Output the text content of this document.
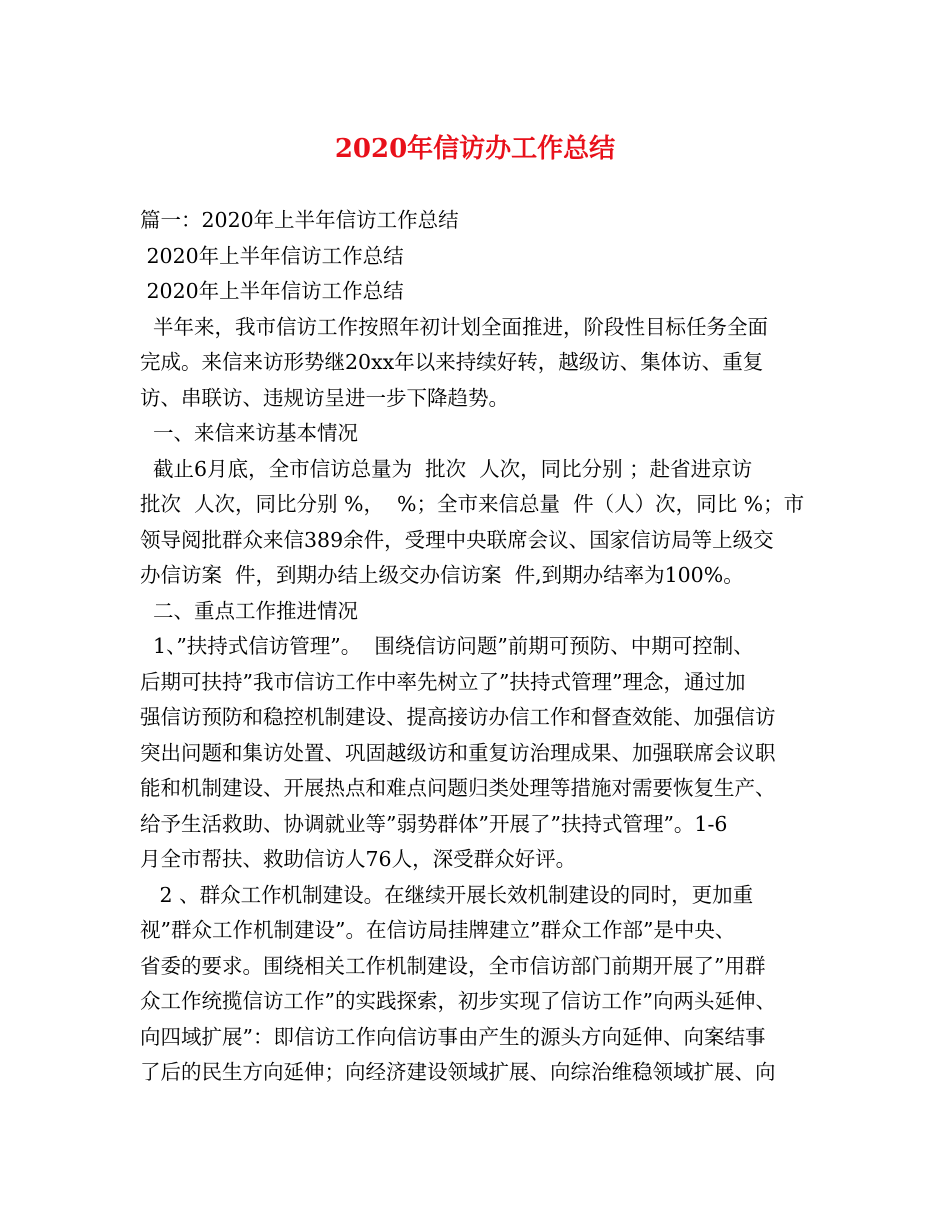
2020年信访办工作总结
篇一：2020年上半年信访工作总结
2020年上半年信访工作总结
2020年上半年信访工作总结
半年来，我市信访工作按照年初计划全面推进，阶段性目标任务全面
完成。来信来访形势继20xx年以来持续好转，越级访、集体访、重复
访、串联访、违规访呈进一步下降趋势。
一、来信来访基本情况
截止6月底，全市信访总量为  批次  人次，同比分别 ；赴省进京访
批次  人次，同比分别 %，  %；全市来信总量  件（人）次，同比 %；市
领导阅批群众来信389余件，受理中央联席会议、国家信访局等上级交
办信访案  件，到期办结上级交办信访案  件,到期办结率为100%。
二、重点工作推进情况
1、”扶持式信访管理”。  围绕信访问题”前期可预防、中期可控制、
后期可扶持”我市信访工作中率先树立了”扶持式管理”理念，通过加
强信访预防和稳控机制建设、提高接访办信工作和督查效能、加强信访
突出问题和集访处置、巩固越级访和重复访治理成果、加强联席会议职
能和机制建设、开展热点和难点问题归类处理等措施对需要恢复生产、
给予生活救助、协调就业等”弱势群体”开展了”扶持式管理”。1-6
月全市帮扶、救助信访人76人，深受群众好评。
2 、群众工作机制建设。在继续开展长效机制建设的同时，更加重
视”群众工作机制建设”。在信访局挂牌建立”群众工作部”是中央、
省委的要求。围绕相关工作机制建设，全市信访部门前期开展了”用群
众工作统揽信访工作”的实践探索，初步实现了信访工作”向两头延伸、
向四域扩展”：即信访工作向信访事由产生的源头方向延伸、向案结事
了后的民生方向延伸；向经济建设领域扩展、向综治维稳领域扩展、向
